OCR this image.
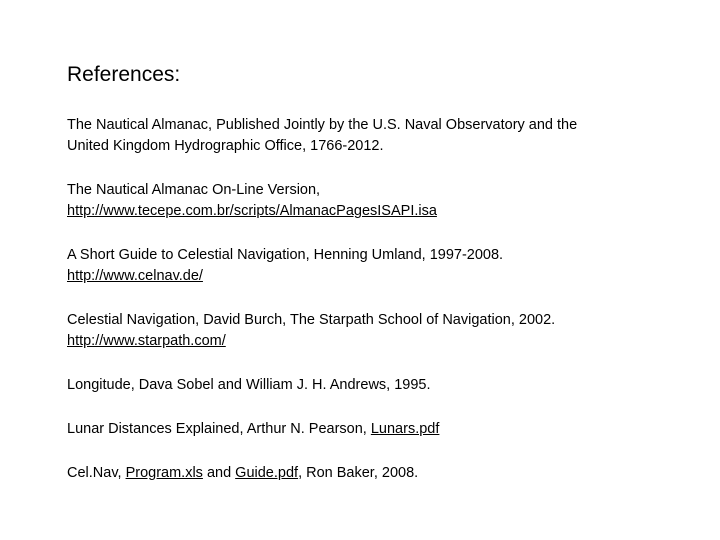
References:
The Nautical Almanac, Published Jointly by the U.S. Naval Observatory and the
United Kingdom Hydrographic Office, 1766-2012.
The Nautical Almanac On-Line Version,
http://www.tecepe.com.br/scripts/AlmanacPagesISAPI.isa
A Short Guide to Celestial Navigation, Henning Umland, 1997-2008.
http://www.celnav.de/
Celestial Navigation, David Burch, The Starpath School of Navigation, 2002.
http://www.starpath.com/
Longitude, Dava Sobel and William J. H. Andrews, 1995.
Lunar Distances Explained, Arthur N. Pearson, Lunars.pdf
Cel.Nav, Program.xls and Guide.pdf, Ron Baker, 2008.
